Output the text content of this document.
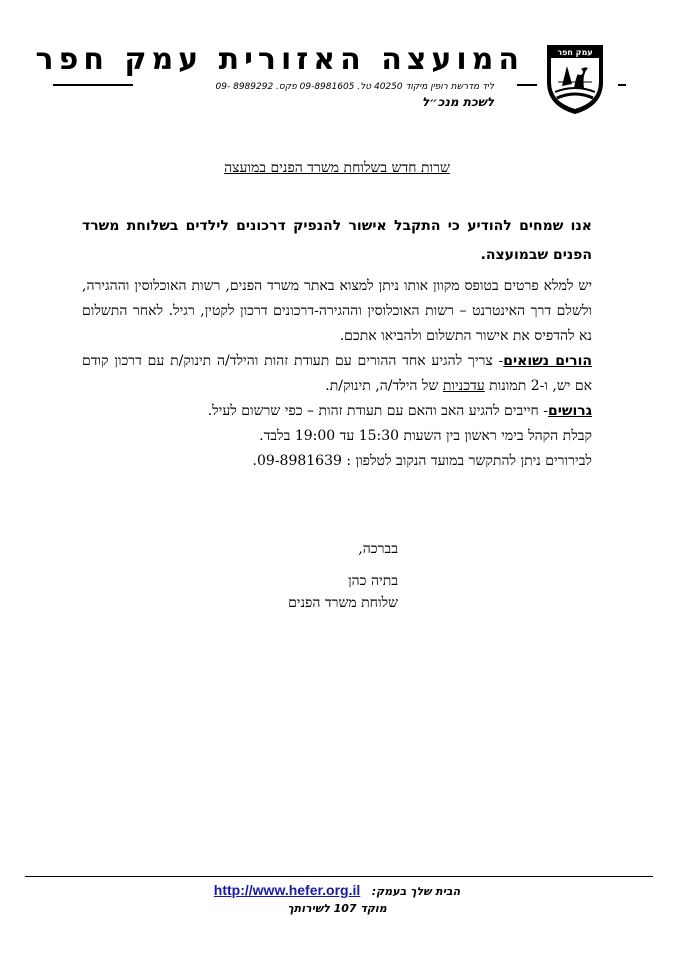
עמק חפר
המועצה האזורית עמק חפר
ליד מדרשת רופין מיקוד 40250 טל. 09-8981605 פקס. 8989292 -09
לשכת מנכ״ל
שרות חדש בשלוחת משרד הפנים במועצה

אנו שמחים להודיע כי התקבל אישור להנפיק דרכונים לילדים בשלוחת משרד הפנים שבמועצה.

יש למלא פרטים בטופס מקוון אותו ניתן למצוא באתר משרד הפנים, רשות האוכלוסין וההגירה, ולשלם דרך האינטרנט – רשות האוכלוסין וההגירה-דרכונים דרכון לקטין, רגיל. לאחר התשלום נא להדפיס את אישור התשלום ולהביאו אתכם.

הורים נשואים- צריך להגיע אחד ההורים עם תעודת זהות והילד/ה תינוק/ת עם דרכון קודם אם יש, ו-2 תמונות עדכניות של הילד/ה, תינוק/ת.

גרושים- חייבים להגיע האב והאם עם תעודת זהות – כפי שרשום לעיל.

קבלת הקהל בימי ראשון בין השעות 15:30 עד 19:00 בלבד.

לבירורים ניתן להתקשר במועד הנקוב לטלפון : 09-8981639.

בברכה,
בתיה כהן
שלוחת משרד הפנים
הבית שלך בעמק: http://www.hefer.org.il
מוקד 107 לשירותך
